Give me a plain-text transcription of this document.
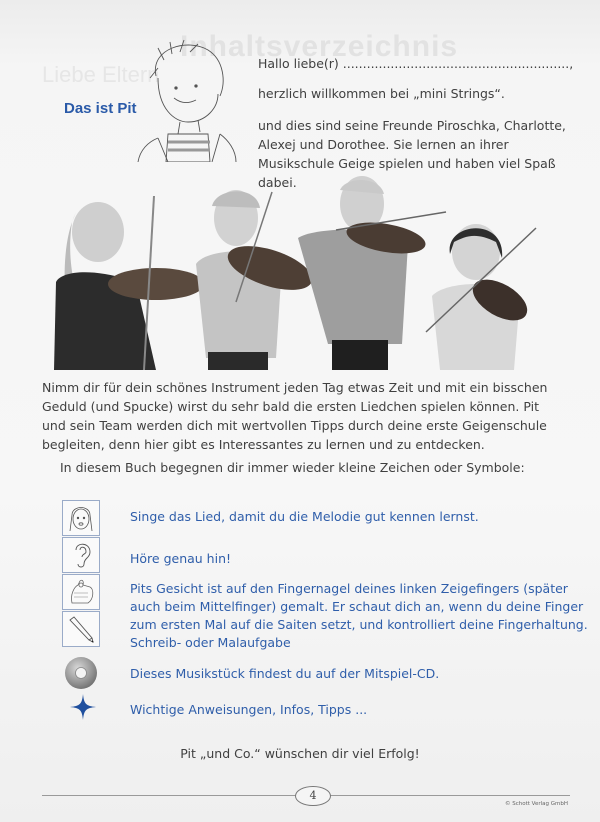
Inhaltsverzeichnis
Liebe Eltern
Das ist Pit
Hallo liebe(r) .........................................................,
herzlich willkommen bei „mini Strings“.
und dies sind seine Freunde Piroschka, Charlotte, Alexej und Dorothee. Sie lernen an ihrer Musikschule Geige spielen und haben viel Spaß dabei.
Nimm dir für dein schönes Instrument jeden Tag etwas Zeit und mit ein bisschen Geduld (und Spucke) wirst du sehr bald die ersten Liedchen spielen können. Pit und sein Team werden dich mit wertvollen Tipps durch deine erste Geigenschule begleiten, denn hier gibt es Interessantes zu lernen und zu entdecken.
In diesem Buch begegnen dir immer wieder kleine Zeichen oder Symbole:
Singe das Lied, damit du die Melodie gut kennen lernst.
Höre genau hin!
Pits Gesicht ist auf den Fingernagel deines linken Zeigefingers (später auch beim Mittelfinger) gemalt. Er schaut dich an, wenn du deine Finger zum ersten Mal auf die Saiten setzt, und kontrolliert deine Fingerhaltung.
Schreib- oder Malaufgabe
Dieses Musikstück findest du auf der Mitspiel-CD.
Wichtige Anweisungen, Infos, Tipps ...
Pit „und Co.“ wünschen dir viel Erfolg!
4
© Schott Verlag GmbH
